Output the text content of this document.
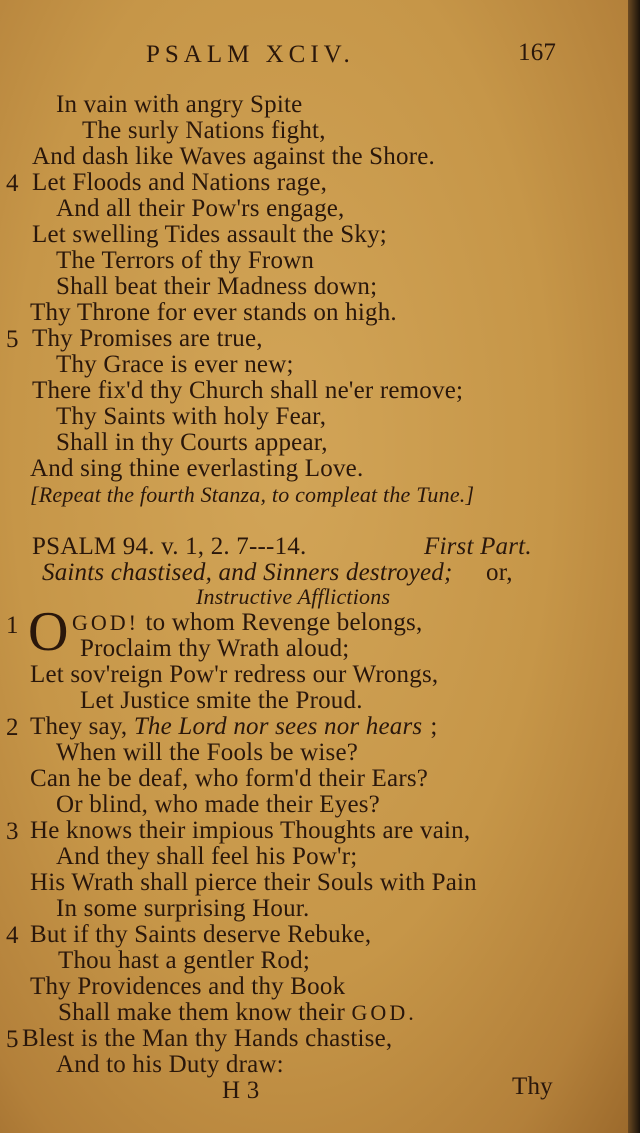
PSALM XCIV.	167
In vain with angry Spite
The surly Nations fight,
And dash like Waves against the Shore.
4 Let Floods and Nations rage,
And all their Pow'rs engage,
Let swelling Tides assault the Sky;
The Terrors of thy Frown
Shall beat their Madness down;
Thy Throne for ever stands on high.
5 Thy Promises are true,
Thy Grace is ever new;
There fix'd thy Church shall ne'er remove;
Thy Saints with holy Fear,
Shall in thy Courts appear,
And sing thine everlasting Love.
[Repeat the fourth Stanza, to compleat the Tune.]
PSALM 94. v. 1, 2. 7---14.	First Part.
Saints chastised, and Sinners destroyed; or,
Instructive Afflictions
1 O GOD! to whom Revenge belongs,
Proclaim thy Wrath aloud;
Let sov'reign Pow'r redress our Wrongs,
Let Justice smite the Proud.
2 They say, The Lord nor sees nor hears ;
When will the Fools be wise?
Can he be deaf, who form'd their Ears?
Or blind, who made their Eyes?
3 He knows their impious Thoughts are vain,
And they shall feel his Pow'r;
His Wrath shall pierce their Souls with Pain
In some surprising Hour.
4 But if thy Saints deserve Rebuke,
Thou hast a gentler Rod;
Thy Providences and thy Book
Shall make them know their GOD.
5 Blest is the Man thy Hands chastise,
And to his Duty draw:
H 3	Thy
